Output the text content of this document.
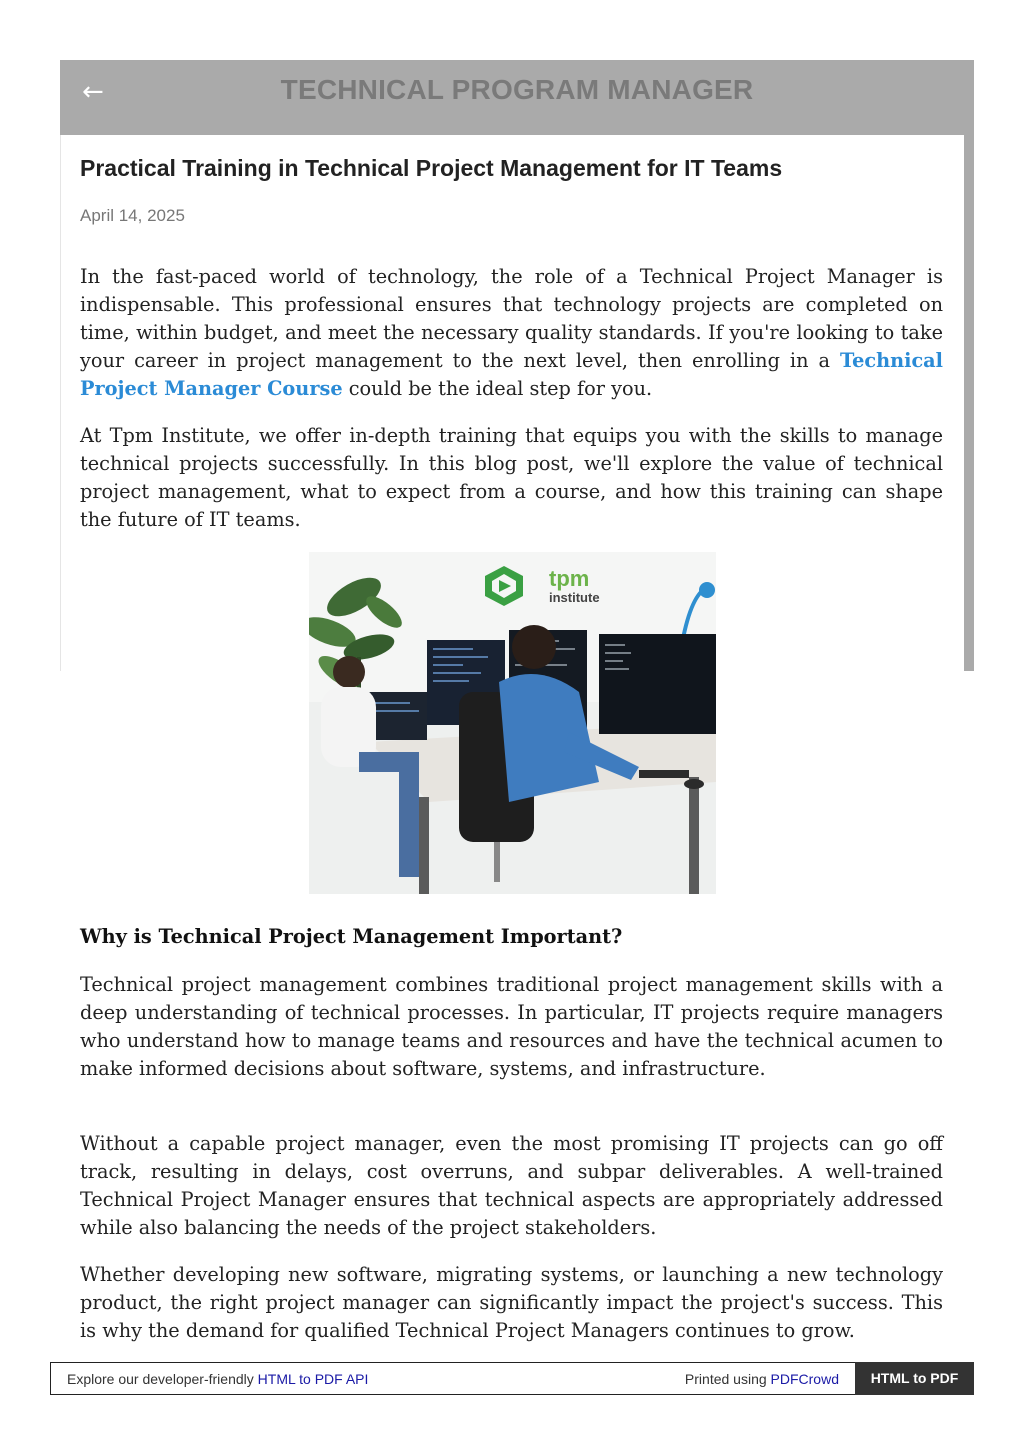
←	TECHNICAL PROGRAM MANAGER
Practical Training in Technical Project Management for IT Teams
April 14, 2025

In the fast-paced world of technology, the role of a Technical Project Manager is indispensable. This professional ensures that technology projects are completed on time, within budget, and meet the necessary quality standards. If you're looking to take your career in project management to the next level, then enrolling in a Technical Project Manager Course could be the ideal step for you.

At Tpm Institute, we offer in-depth training that equips you with the skills to manage technical projects successfully. In this blog post, we'll explore the value of technical project management, what to expect from a course, and how this training can shape the future of IT teams.

tpm
institute
Why is Technical Project Management Important?

Technical project management combines traditional project management skills with a deep understanding of technical processes. In particular, IT projects require managers who understand how to manage teams and resources and have the technical acumen to make informed decisions about software, systems, and infrastructure.

Without a capable project manager, even the most promising IT projects can go off track, resulting in delays, cost overruns, and subpar deliverables. A well-trained Technical Project Manager ensures that technical aspects are appropriately addressed while also balancing the needs of the project stakeholders.

Whether developing new software, migrating systems, or launching a new technology product, the right project manager can significantly impact the project's success. This is why the demand for qualified Technical Project Managers continues to grow.

Explore our developer-friendly HTML to PDF API	Printed using PDFCrowd	HTML to PDF
